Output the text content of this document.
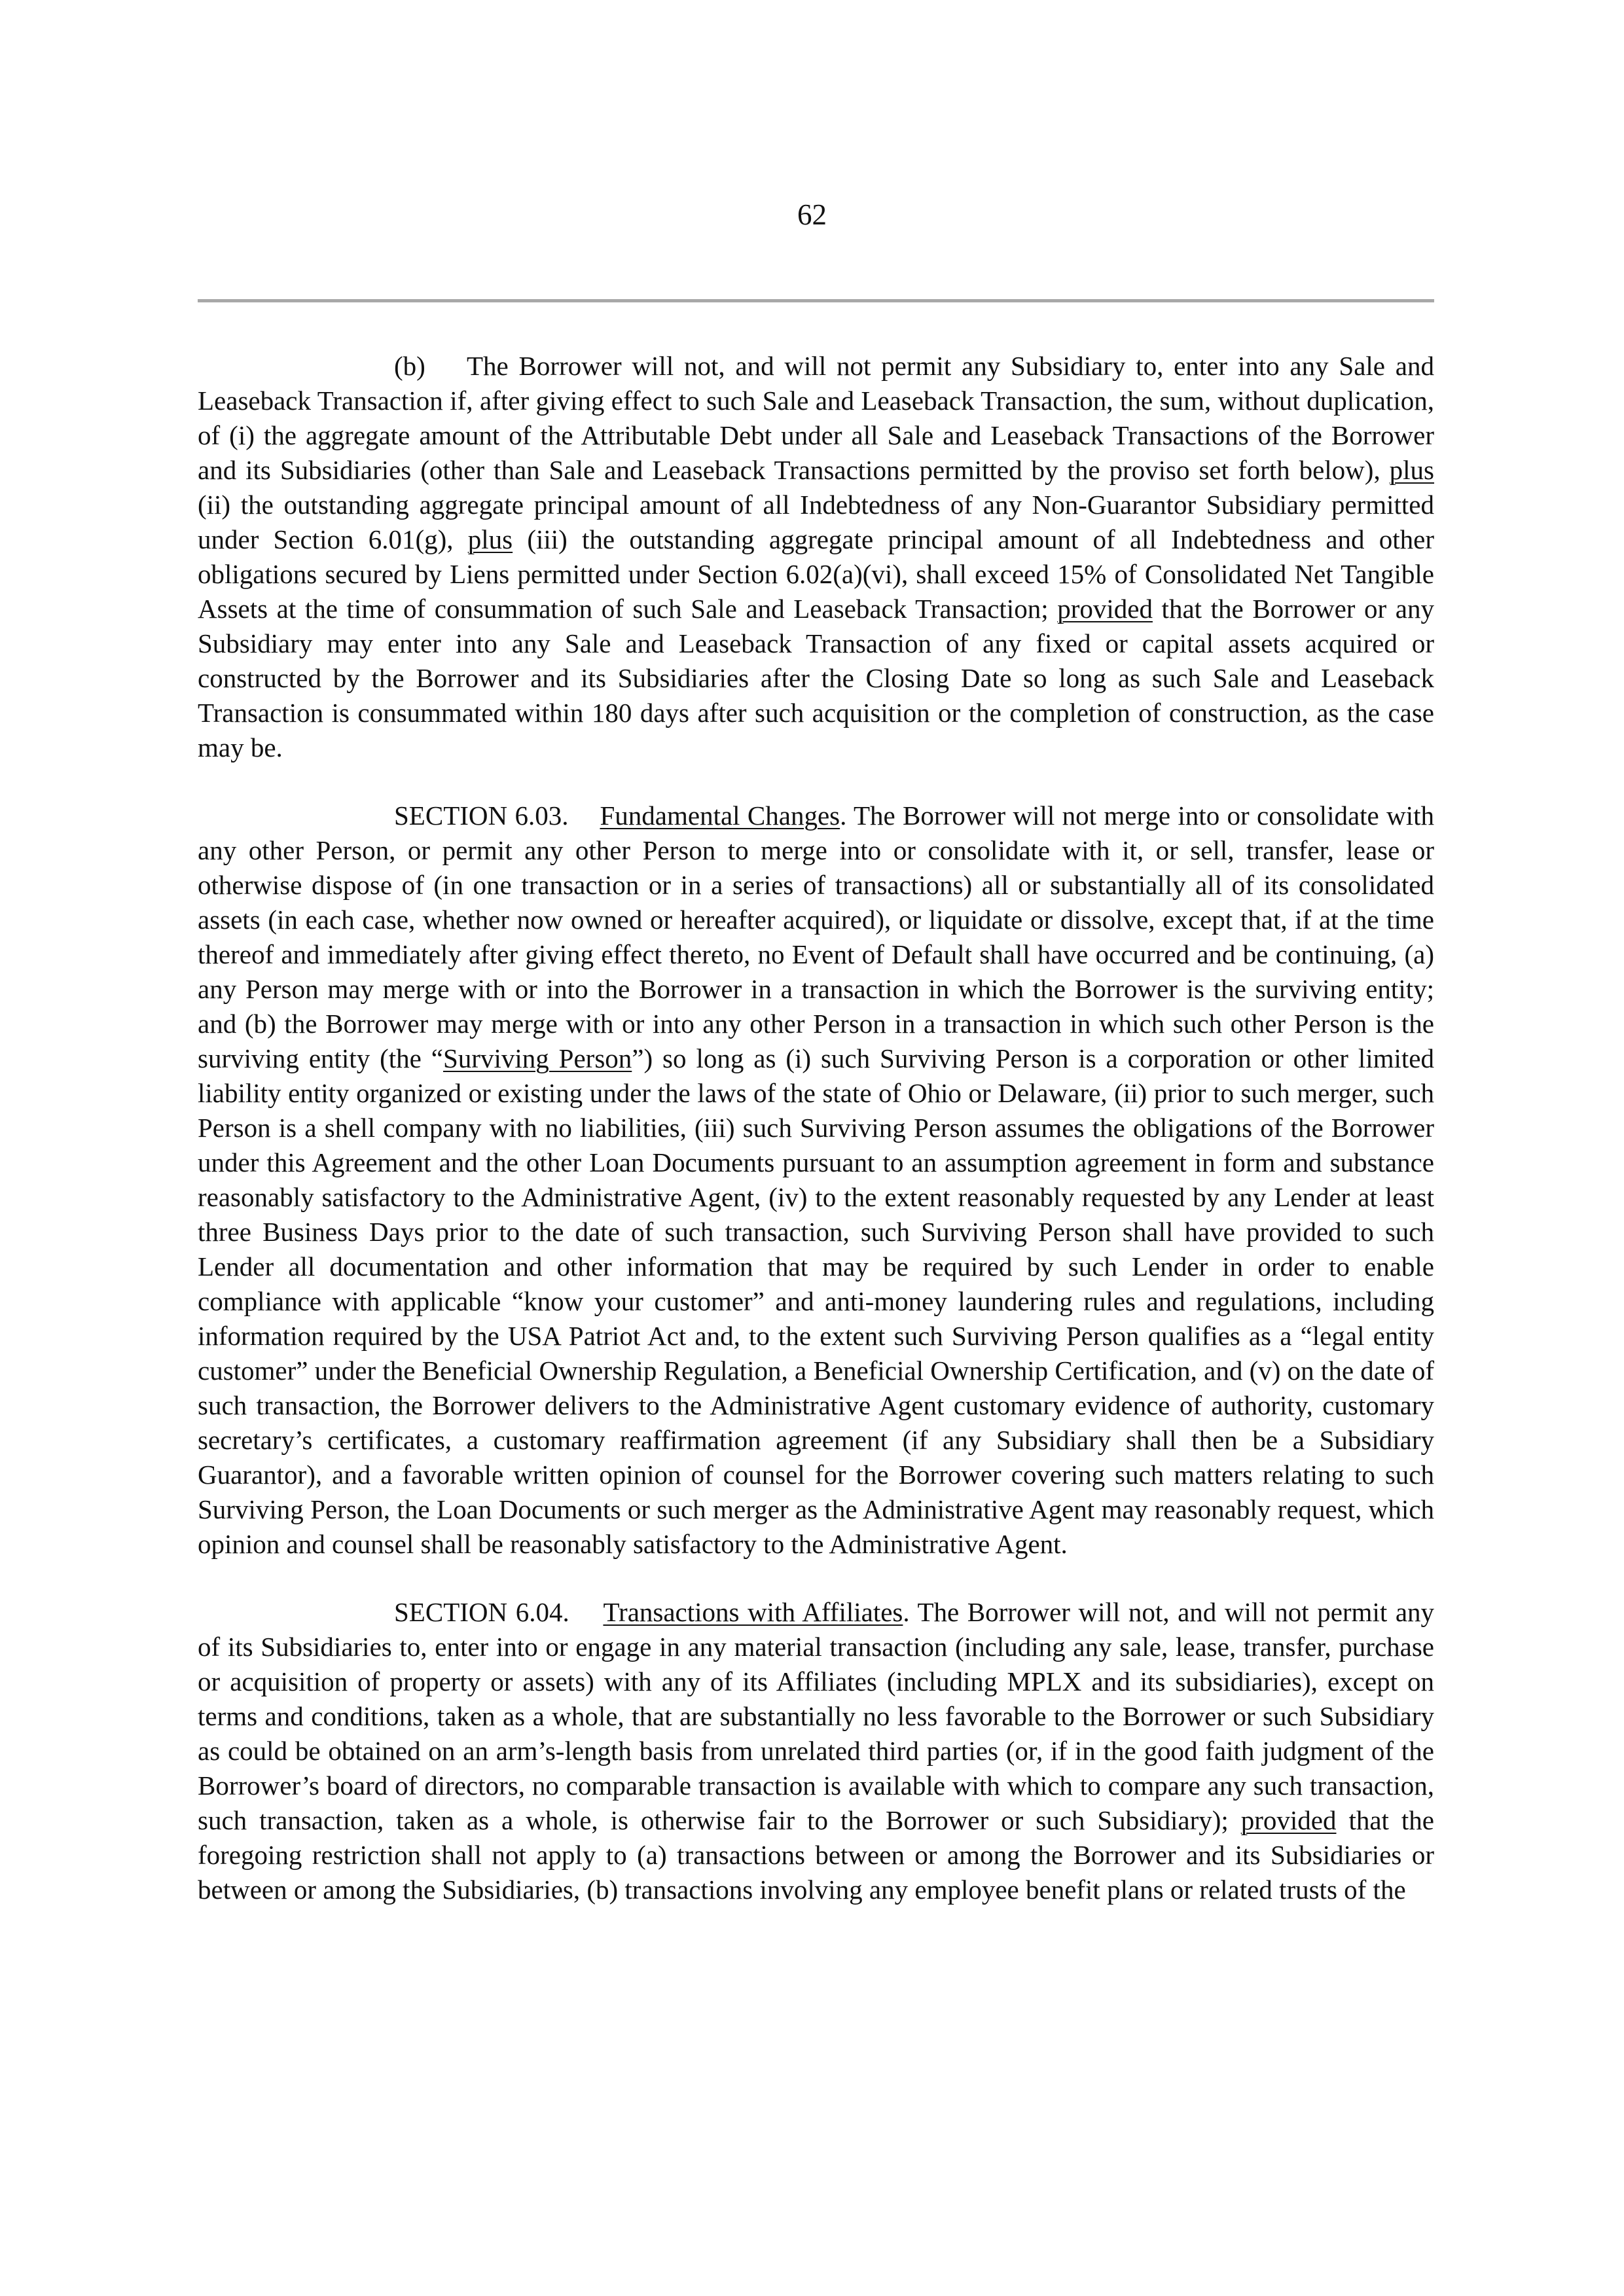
62

(b) The Borrower will not, and will not permit any Subsidiary to, enter into any Sale and Leaseback Transaction if, after giving effect to such Sale and Leaseback Transaction, the sum, without duplication, of (i) the aggregate amount of the Attributable Debt under all Sale and Leaseback Transactions of the Borrower and its Subsidiaries (other than Sale and Leaseback Transactions permitted by the proviso set forth below), plus (ii) the outstanding aggregate principal amount of all Indebtedness of any Non-Guarantor Subsidiary permitted under Section 6.01(g), plus (iii) the outstanding aggregate principal amount of all Indebtedness and other obligations secured by Liens permitted under Section 6.02(a)(vi), shall exceed 15% of Consolidated Net Tangible Assets at the time of consummation of such Sale and Leaseback Transaction; provided that the Borrower or any Subsidiary may enter into any Sale and Leaseback Transaction of any fixed or capital assets acquired or constructed by the Borrower and its Subsidiaries after the Closing Date so long as such Sale and Leaseback Transaction is consummated within 180 days after such acquisition or the completion of construction, as the case may be.

SECTION 6.03. Fundamental Changes. The Borrower will not merge into or consolidate with any other Person, or permit any other Person to merge into or consolidate with it, or sell, transfer, lease or otherwise dispose of (in one transaction or in a series of transactions) all or substantially all of its consolidated assets (in each case, whether now owned or hereafter acquired), or liquidate or dissolve, except that, if at the time thereof and immediately after giving effect thereto, no Event of Default shall have occurred and be continuing, (a) any Person may merge with or into the Borrower in a transaction in which the Borrower is the surviving entity; and (b) the Borrower may merge with or into any other Person in a transaction in which such other Person is the surviving entity (the “Surviving Person”) so long as (i) such Surviving Person is a corporation or other limited liability entity organized or existing under the laws of the state of Ohio or Delaware, (ii) prior to such merger, such Person is a shell company with no liabilities, (iii) such Surviving Person assumes the obligations of the Borrower under this Agreement and the other Loan Documents pursuant to an assumption agreement in form and substance reasonably satisfactory to the Administrative Agent, (iv) to the extent reasonably requested by any Lender at least three Business Days prior to the date of such transaction, such Surviving Person shall have provided to such Lender all documentation and other information that may be required by such Lender in order to enable compliance with applicable “know your customer” and anti-money laundering rules and regulations, including information required by the USA Patriot Act and, to the extent such Surviving Person qualifies as a “legal entity customer” under the Beneficial Ownership Regulation, a Beneficial Ownership Certification, and (v) on the date of such transaction, the Borrower delivers to the Administrative Agent customary evidence of authority, customary secretary’s certificates, a customary reaffirmation agreement (if any Subsidiary shall then be a Subsidiary Guarantor), and a favorable written opinion of counsel for the Borrower covering such matters relating to such Surviving Person, the Loan Documents or such merger as the Administrative Agent may reasonably request, which opinion and counsel shall be reasonably satisfactory to the Administrative Agent.

SECTION 6.04. Transactions with Affiliates. The Borrower will not, and will not permit any of its Subsidiaries to, enter into or engage in any material transaction (including any sale, lease, transfer, purchase or acquisition of property or assets) with any of its Affiliates (including MPLX and its subsidiaries), except on terms and conditions, taken as a whole, that are substantially no less favorable to the Borrower or such Subsidiary as could be obtained on an arm’s-length basis from unrelated third parties (or, if in the good faith judgment of the Borrower’s board of directors, no comparable transaction is available with which to compare any such transaction, such transaction, taken as a whole, is otherwise fair to the Borrower or such Subsidiary); provided that the foregoing restriction shall not apply to (a) transactions between or among the Borrower and its Subsidiaries or between or among the Subsidiaries, (b) transactions involving any employee benefit plans or related trusts of the
